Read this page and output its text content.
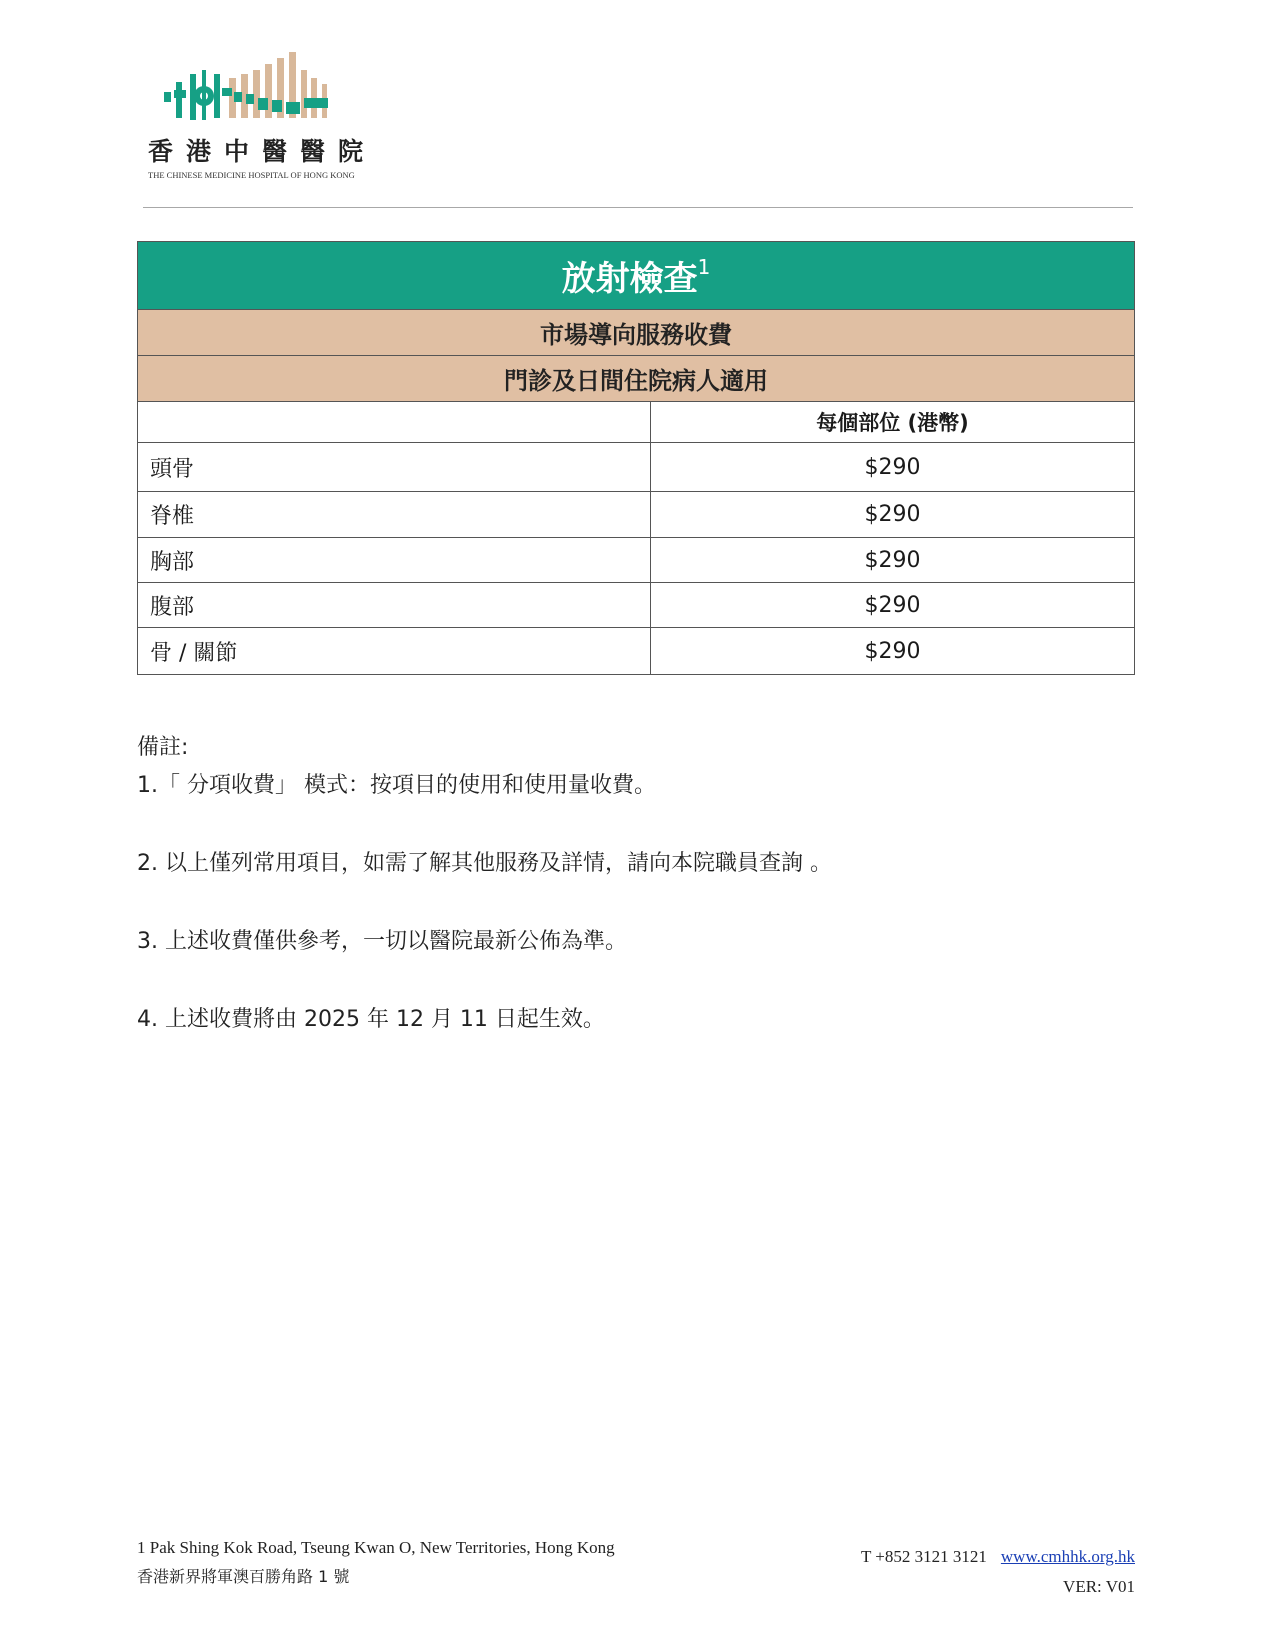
香港中醫醫院
THE CHINESE MEDICINE HOSPITAL OF HONG KONG
放射檢查$^1$
市場導向服務收費	
門診及日間住院病人適用	
	每個部位 (港幣)
頭骨	$290
脊椎	$290
胸部	$290
腹部	$290
骨 / 關節	$290
備註:
1.「 分項收費」 模式：按項目的使用和使用量收費。
2. 以上僅列常用項目，如需了解其他服務及詳情，請向本院職員查詢 。
3. 上述收費僅供參考，一切以醫院最新公佈為準。
4. 上述收費將由 2025 年 12 月 11 日起生效。
1 Pak Shing Kok Road, Tseung Kwan O, New Territories, Hong Kong
香港新界將軍澳百勝角路 1 號
T +852 3121 3121 www.cmhhk.org.hk
VER: V01
